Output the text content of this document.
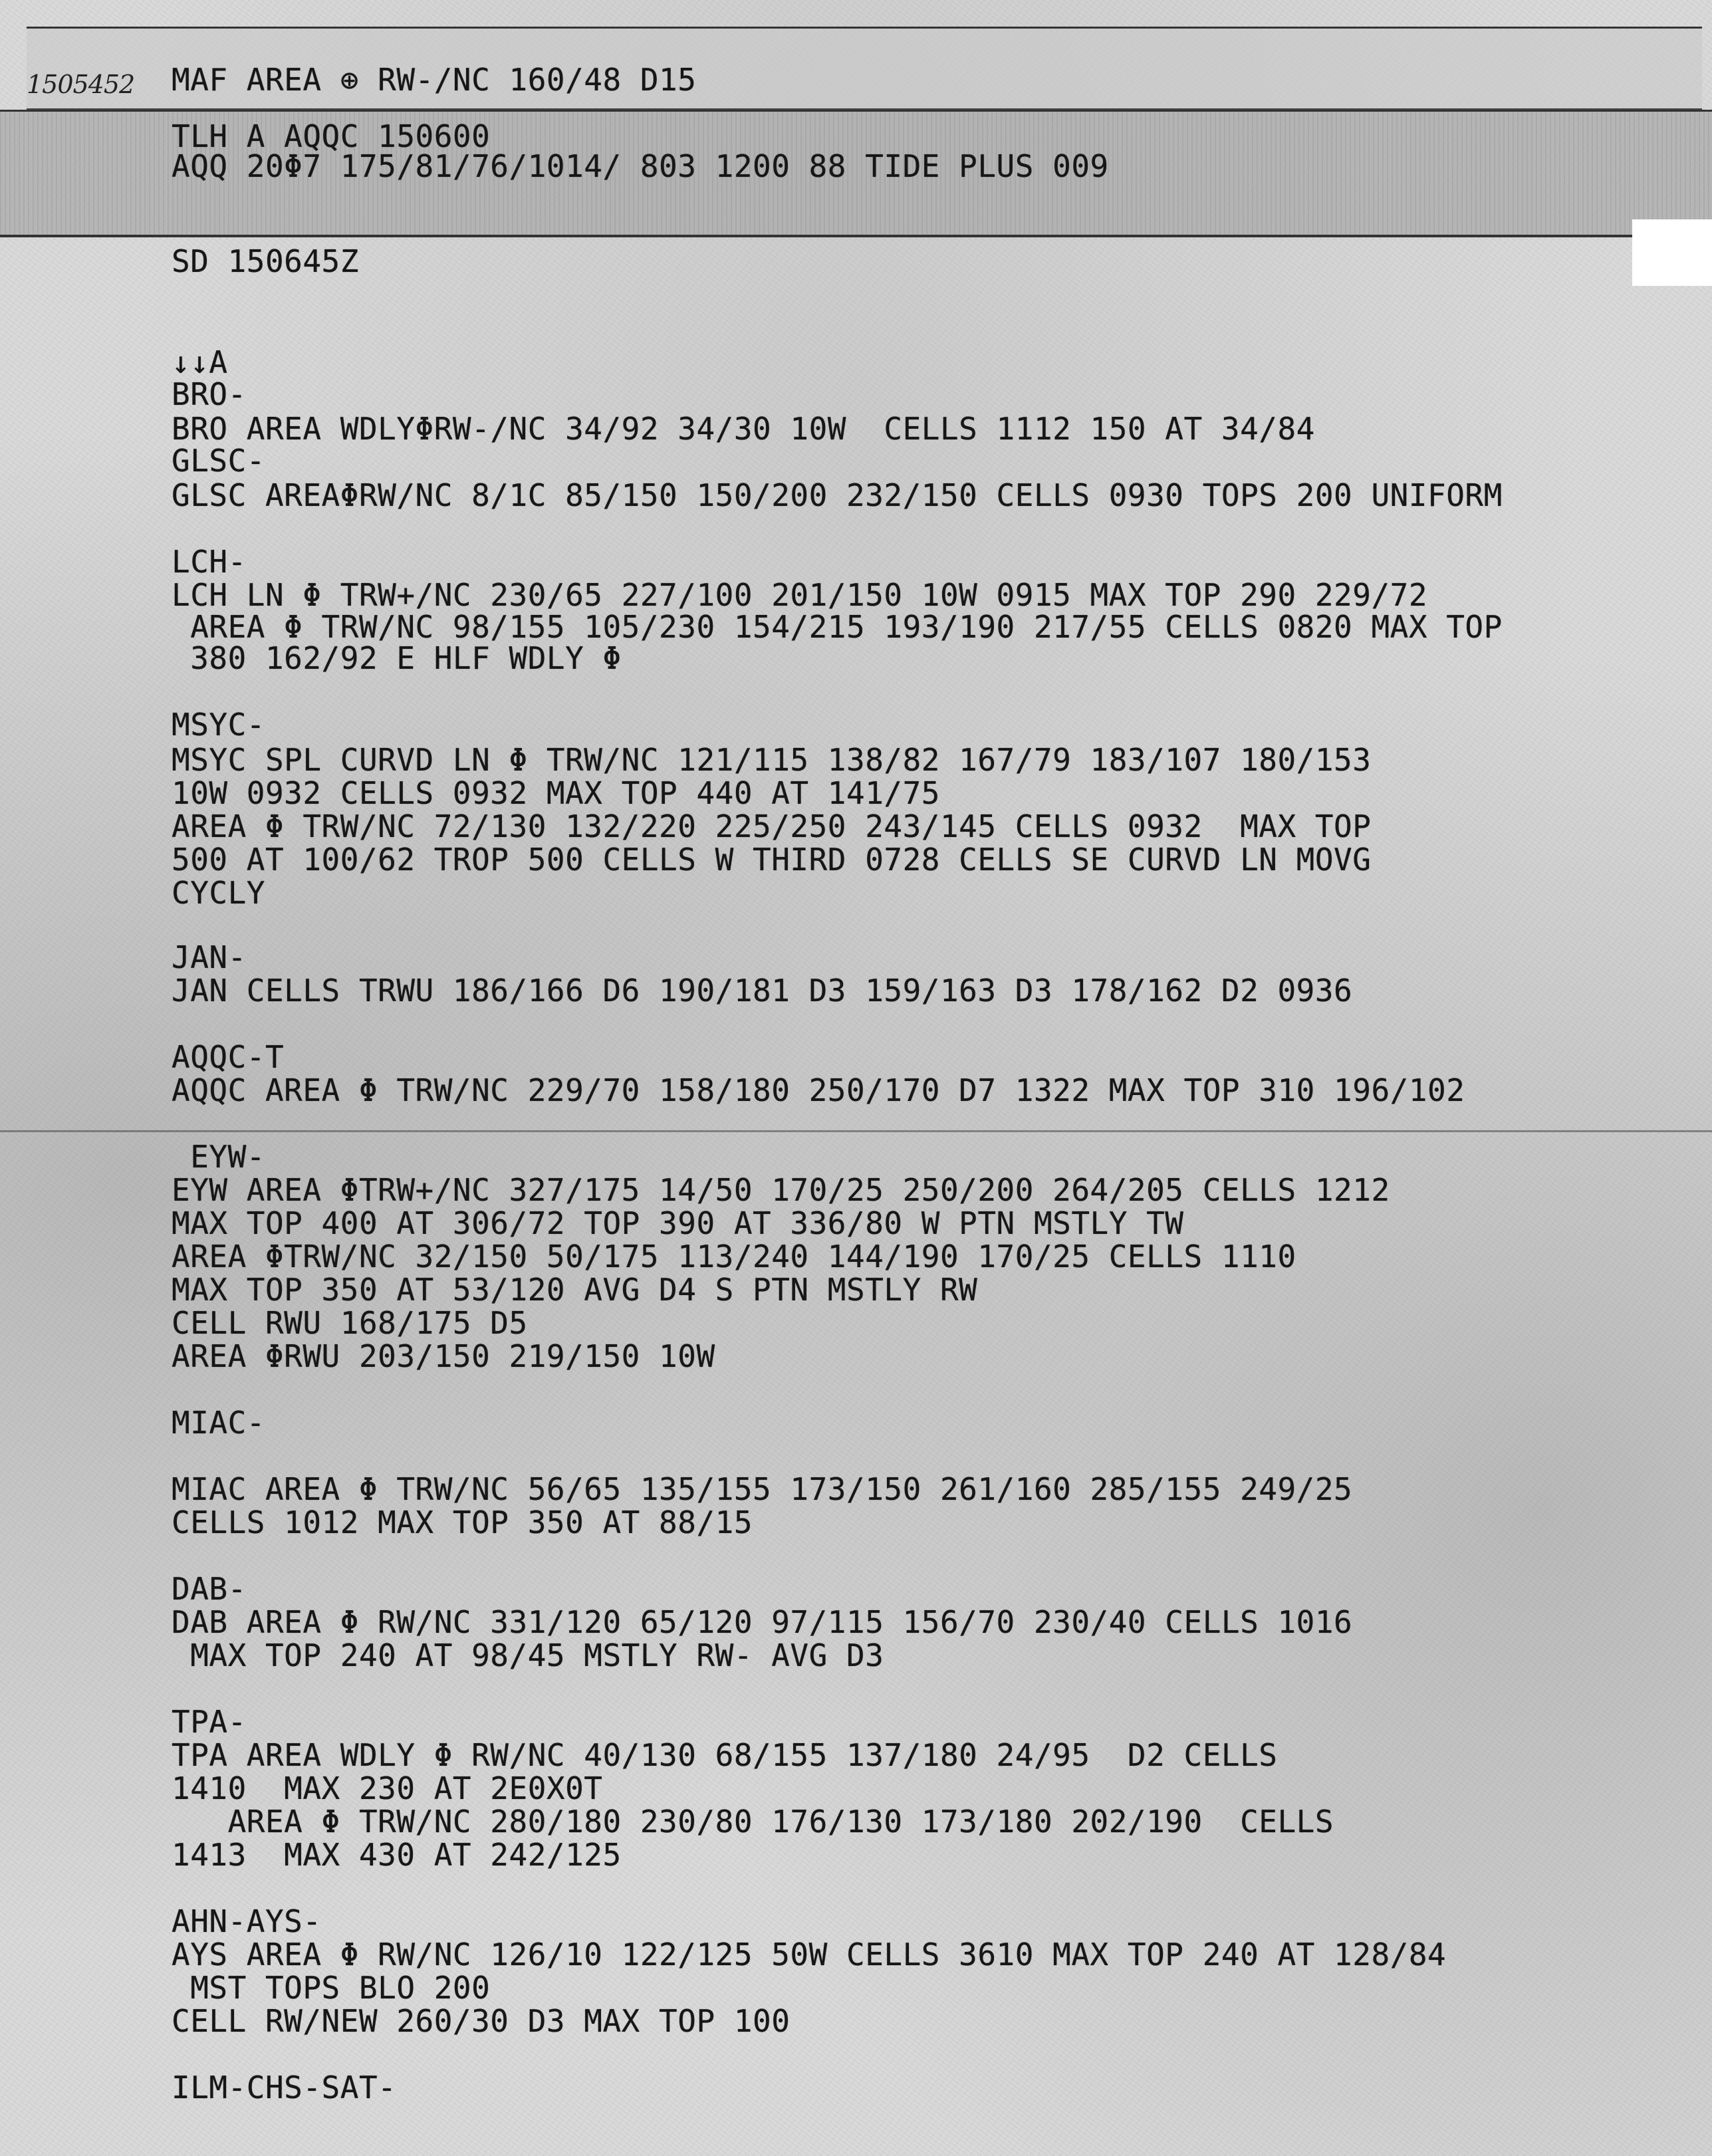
1505452 MAF AREA ⊕ RW-/NC 160/48 D15
TLH A AQQC 150600
AQQ 20Φ7 175/81/76/1014/ 803 1200 88 TIDE PLUS 009
SD 150645Z
↓↓A
BRO-
BRO AREA WDLYΦRW-/NC 34/92 34/30 10W  CELLS 1112 150 AT 34/84
GLSC-
GLSC AREAΦRW/NC 8/1C 85/150 150/200 232/150 CELLS 0930 TOPS 200 UNIFORM
LCH-
LCH LN Φ TRW+/NC 230/65 227/100 201/150 10W 0915 MAX TOP 290 229/72
AREA Φ TRW/NC 98/155 105/230 154/215 193/190 217/55 CELLS 0820 MAX TOP
380 162/92 E HLF WDLY Φ
MSYC-
MSYC SPL CURVD LN Φ TRW/NC 121/115 138/82 167/79 183/107 180/153
10W 0932 CELLS 0932 MAX TOP 440 AT 141/75
AREA Φ TRW/NC 72/130 132/220 225/250 243/145 CELLS 0932  MAX TOP
500 AT 100/62 TROP 500 CELLS W THIRD 0728 CELLS SE CURVD LN MOVG
CYCLY
JAN-
JAN CELLS TRWU 186/166 D6 190/181 D3 159/163 D3 178/162 D2 0936
AQQC-T
AQQC AREA Φ TRW/NC 229/70 158/180 250/170 D7 1322 MAX TOP 310 196/102
EYW-
EYW AREA ΦTRW+/NC 327/175 14/50 170/25 250/200 264/205 CELLS 1212
MAX TOP 400 AT 306/72 TOP 390 AT 336/80 W PTN MSTLY TW
AREA ΦTRW/NC 32/150 50/175 113/240 144/190 170/25 CELLS 1110
MAX TOP 350 AT 53/120 AVG D4 S PTN MSTLY RW
CELL RWU 168/175 D5
AREA ΦRWU 203/150 219/150 10W
MIAC-
MIAC AREA Φ TRW/NC 56/65 135/155 173/150 261/160 285/155 249/25
CELLS 1012 MAX TOP 350 AT 88/15
DAB-
DAB AREA Φ RW/NC 331/120 65/120 97/115 156/70 230/40 CELLS 1016
MAX TOP 240 AT 98/45 MSTLY RW- AVG D3
TPA-
TPA AREA WDLY Φ RW/NC 40/130 68/155 137/180 24/95  D2 CELLS
1410  MAX 230 AT 2E0X0T
AREA Φ TRW/NC 280/180 230/80 176/130 173/180 202/190  CELLS
1413  MAX 430 AT 242/125
AHN-AYS-
AYS AREA Φ RW/NC 126/10 122/125 50W CELLS 3610 MAX TOP 240 AT 128/84
MST TOPS BLO 200
CELL RW/NEW 260/30 D3 MAX TOP 100
ILM-CHS-SAT-
